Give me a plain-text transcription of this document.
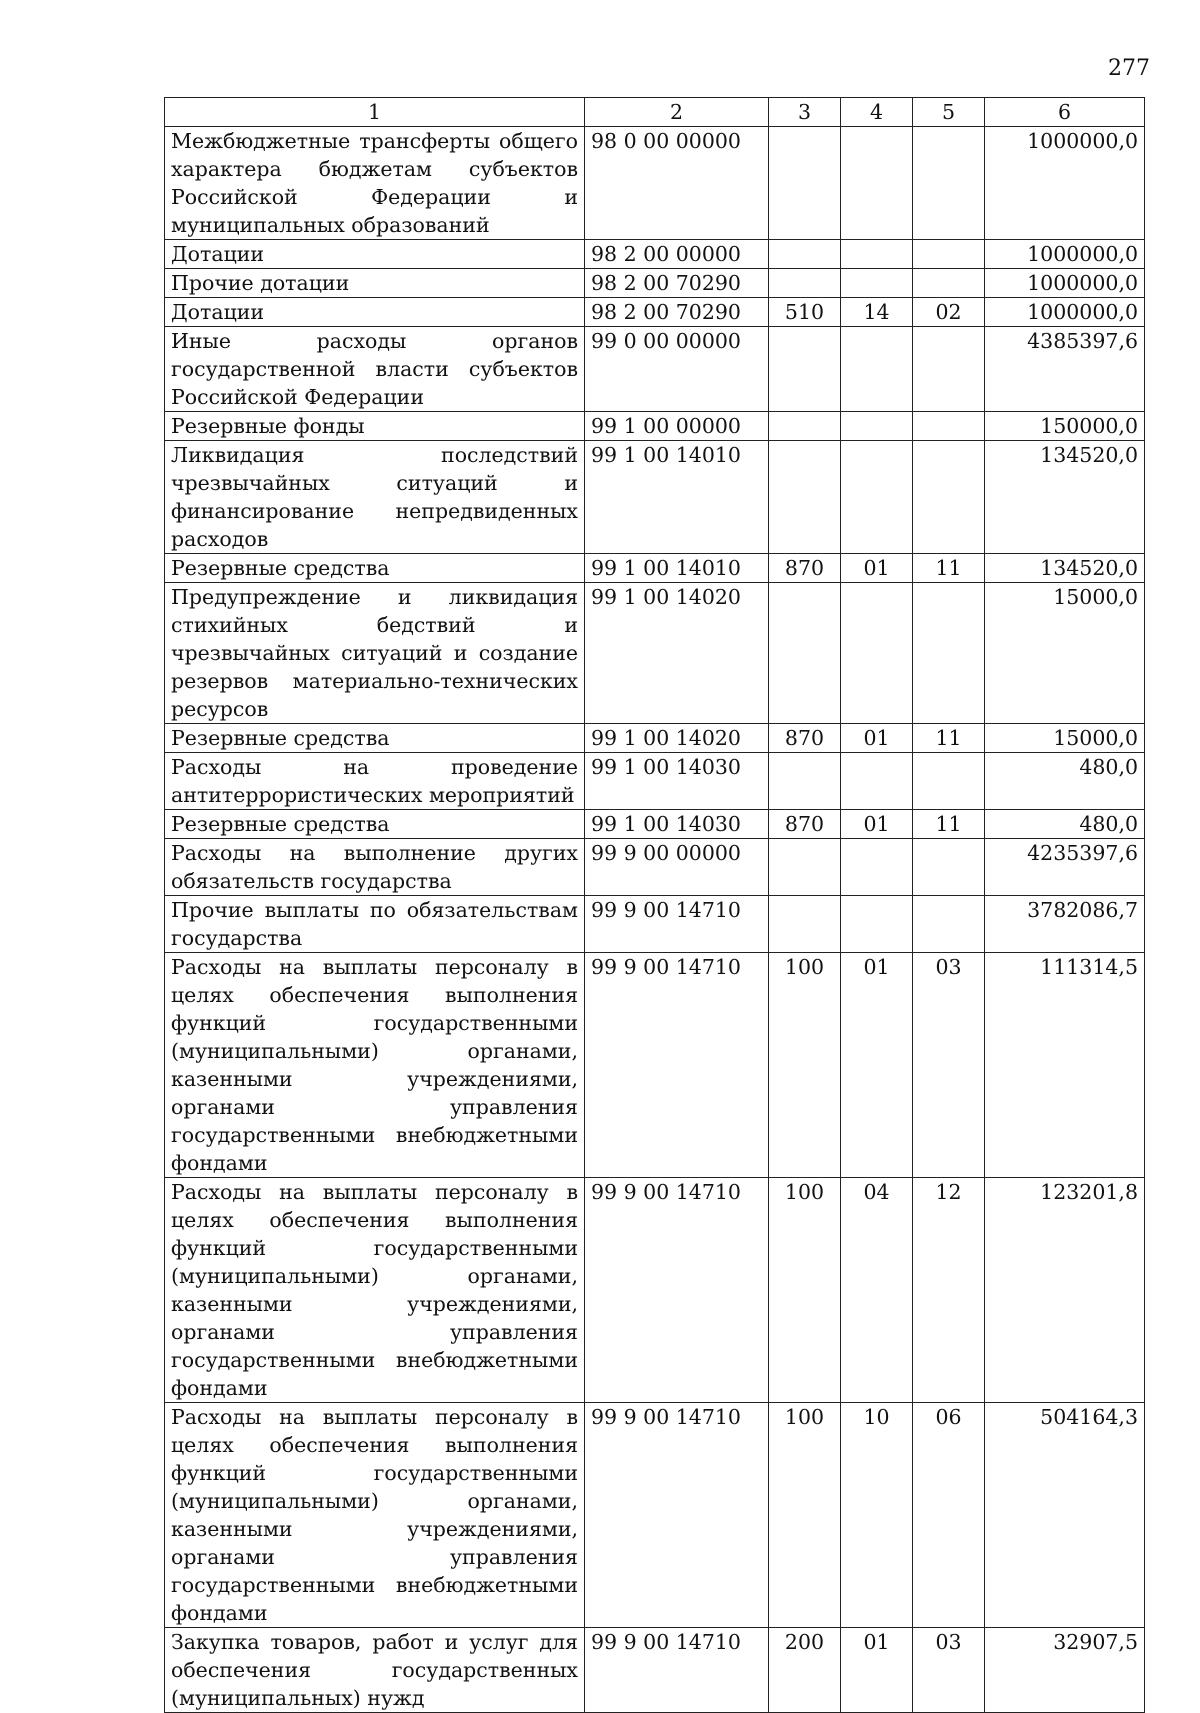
277
1	2	3	4	5	6
Межбюджетные трансферты общего характера бюджетам субъектов Российской Федерации и муниципальных образований	98 0 00 00000				1000000,0
Дотации	98 2 00 00000				1000000,0
Прочие дотации	98 2 00 70290				1000000,0
Дотации	98 2 00 70290	510	14	02	1000000,0
Иные расходы органов государственной власти субъектов Российской Федерации	99 0 00 00000				4385397,6
Резервные фонды	99 1 00 00000				150000,0
Ликвидация последствий чрезвычайных ситуаций и финансирование непредвиденных расходов	99 1 00 14010				134520,0
Резервные средства	99 1 00 14010	870	01	11	134520,0
Предупреждение и ликвидация стихийных бедствий и чрезвычайных ситуаций и создание резервов материально-технических ресурсов	99 1 00 14020				15000,0
Резервные средства	99 1 00 14020	870	01	11	15000,0
Расходы на проведение антитеррористических мероприятий	99 1 00 14030				480,0
Резервные средства	99 1 00 14030	870	01	11	480,0
Расходы на выполнение других обязательств государства	99 9 00 00000				4235397,6
Прочие выплаты по обязательствам государства	99 9 00 14710				3782086,7
Расходы на выплаты персоналу в целях обеспечения выполнения функций государственными (муниципальными) органами, казенными учреждениями, органами управления государственными внебюджетными фондами	99 9 00 14710	100	01	03	111314,5
Расходы на выплаты персоналу в целях обеспечения выполнения функций государственными (муниципальными) органами, казенными учреждениями, органами управления государственными внебюджетными фондами	99 9 00 14710	100	04	12	123201,8
Расходы на выплаты персоналу в целях обеспечения выполнения функций государственными (муниципальными) органами, казенными учреждениями, органами управления государственными внебюджетными фондами	99 9 00 14710	100	10	06	504164,3
Закупка товаров, работ и услуг для обеспечения государственных (муниципальных) нужд	99 9 00 14710	200	01	03	32907,5
